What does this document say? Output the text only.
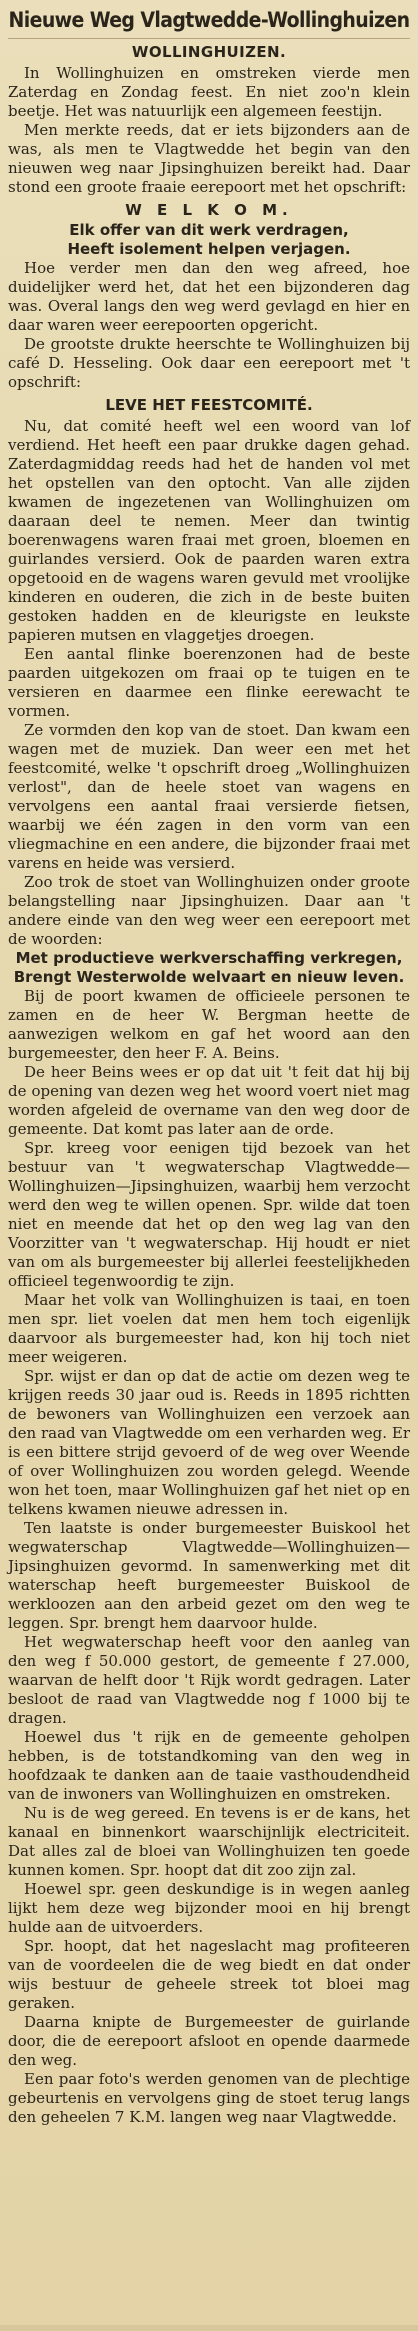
Nieuwe Weg Vlagtwedde-Wollinghuizen
WOLLINGHUIZEN.

In Wollinghuizen en omstreken vierde men Zaterdag en Zondag feest. En niet zoo'n klein beetje. Het was natuurlijk een algemeen feestijn.

Men merkte reeds, dat er iets bijzonders aan de was, als men te Vlagtwedde het begin van den nieuwen weg naar Jipsinghuizen bereikt had. Daar stond een groote fraaie eerepoort met het opschrift:

W E L K O M.
Elk offer van dit werk verdragen,
Heeft isolement helpen verjagen.

Hoe verder men dan den weg afreed, hoe duidelijker werd het, dat het een bijzonderen dag was. Overal langs den weg werd gevlagd en hier en daar waren weer eerepoorten opgericht.

De grootste drukte heerschte te Wollinghuizen bij café D. Hesseling. Ook daar een eerepoort met 't opschrift:

LEVE HET FEESTCOMITÉ.

Nu, dat comité heeft wel een woord van lof verdiend. Het heeft een paar drukke dagen gehad. Zaterdagmiddag reeds had het de handen vol met het opstellen van den optocht. Van alle zijden kwamen de ingezetenen van Wollinghuizen om daaraan deel te nemen. Meer dan twintig boerenwagens waren fraai met groen, bloemen en guirlandes versierd. Ook de paarden waren extra opgetooid en de wagens waren gevuld met vroolijke kinderen en ouderen, die zich in de beste buiten gestoken hadden en de kleurigste en leukste papieren mutsen en vlaggetjes droegen.

Een aantal flinke boerenzonen had de beste paarden uitgekozen om fraai op te tuigen en te versieren en daarmee een flinke eerewacht te vormen.

Ze vormden den kop van de stoet. Dan kwam een wagen met de muziek. Dan weer een met het feestcomité, welke 't opschrift droeg „Wollinghuizen verlost", dan de heele stoet van wagens en vervolgens een aantal fraai versierde fietsen, waarbij we één zagen in den vorm van een vliegmachine en een andere, die bijzonder fraai met varens en heide was versierd.

Zoo trok de stoet van Wollinghuizen onder groote belangstelling naar Jipsinghuizen. Daar aan 't andere einde van den weg weer een eerepoort met de woorden:

Met productieve werkverschaffing verkregen,
Brengt Westerwolde welvaart en nieuw leven.

Bij de poort kwamen de officieele personen te zamen en de heer W. Bergman heette de aanwezigen welkom en gaf het woord aan den burgemeester, den heer F. A. Beins.

De heer Beins wees er op dat uit 't feit dat hij bij de opening van dezen weg het woord voert niet mag worden afgeleid de overname van den weg door de gemeente. Dat komt pas later aan de orde.

Spr. kreeg voor eenigen tijd bezoek van het bestuur van 't wegwaterschap Vlagtwedde—Wollinghuizen—Jipsinghuizen, waarbij hem verzocht werd den weg te willen openen. Spr. wilde dat toen niet en meende dat het op den weg lag van den Voorzitter van 't wegwaterschap. Hij houdt er niet van om als burgemeester bij allerlei feestelijkheden officieel tegenwoordig te zijn.

Maar het volk van Wollinghuizen is taai, en toen men spr. liet voelen dat men hem toch eigenlijk daarvoor als burgemeester had, kon hij toch niet meer weigeren.

Spr. wijst er dan op dat de actie om dezen weg te krijgen reeds 30 jaar oud is. Reeds in 1895 richtten de bewoners van Wollinghuizen een verzoek aan den raad van Vlagtwedde om een verharden weg. Er is een bittere strijd gevoerd of de weg over Weende of over Wollinghuizen zou worden gelegd. Weende won het toen, maar Wollinghuizen gaf het niet op en telkens kwamen nieuwe adressen in.

Ten laatste is onder burgemeester Buiskool het wegwaterschap Vlagtwedde—Wollinghuizen—Jipsinghuizen gevormd. In samenwerking met dit waterschap heeft burgemeester Buiskool de werkloozen aan den arbeid gezet om den weg te leggen. Spr. brengt hem daarvoor hulde.

Het wegwaterschap heeft voor den aanleg van den weg f 50.000 gestort, de gemeente f 27.000, waarvan de helft door 't Rijk wordt gedragen. Later besloot de raad van Vlagtwedde nog f 1000 bij te dragen.

Hoewel dus 't rijk en de gemeente geholpen hebben, is de totstandkoming van den weg in hoofdzaak te danken aan de taaie vasthoudendheid van de inwoners van Wollinghuizen en omstreken.

Nu is de weg gereed. En tevens is er de kans, het kanaal en binnenkort waarschijnlijk electriciteit. Dat alles zal de bloei van Wollinghuizen ten goede kunnen komen. Spr. hoopt dat dit zoo zijn zal.

Hoewel spr. geen deskundige is in wegen aanleg lijkt hem deze weg bijzonder mooi en hij brengt hulde aan de uitvoerders.

Spr. hoopt, dat het nageslacht mag profiteeren van de voordeelen die de weg biedt en dat onder wijs bestuur de geheele streek tot bloei mag geraken.

Daarna knipte de Burgemeester de guirlande door, die de eerepoort afsloot en opende daarmede den weg.

Een paar foto's werden genomen van de plechtige gebeurtenis en vervolgens ging de stoet terug langs den geheelen 7 K.M. langen weg naar Vlagtwedde.
